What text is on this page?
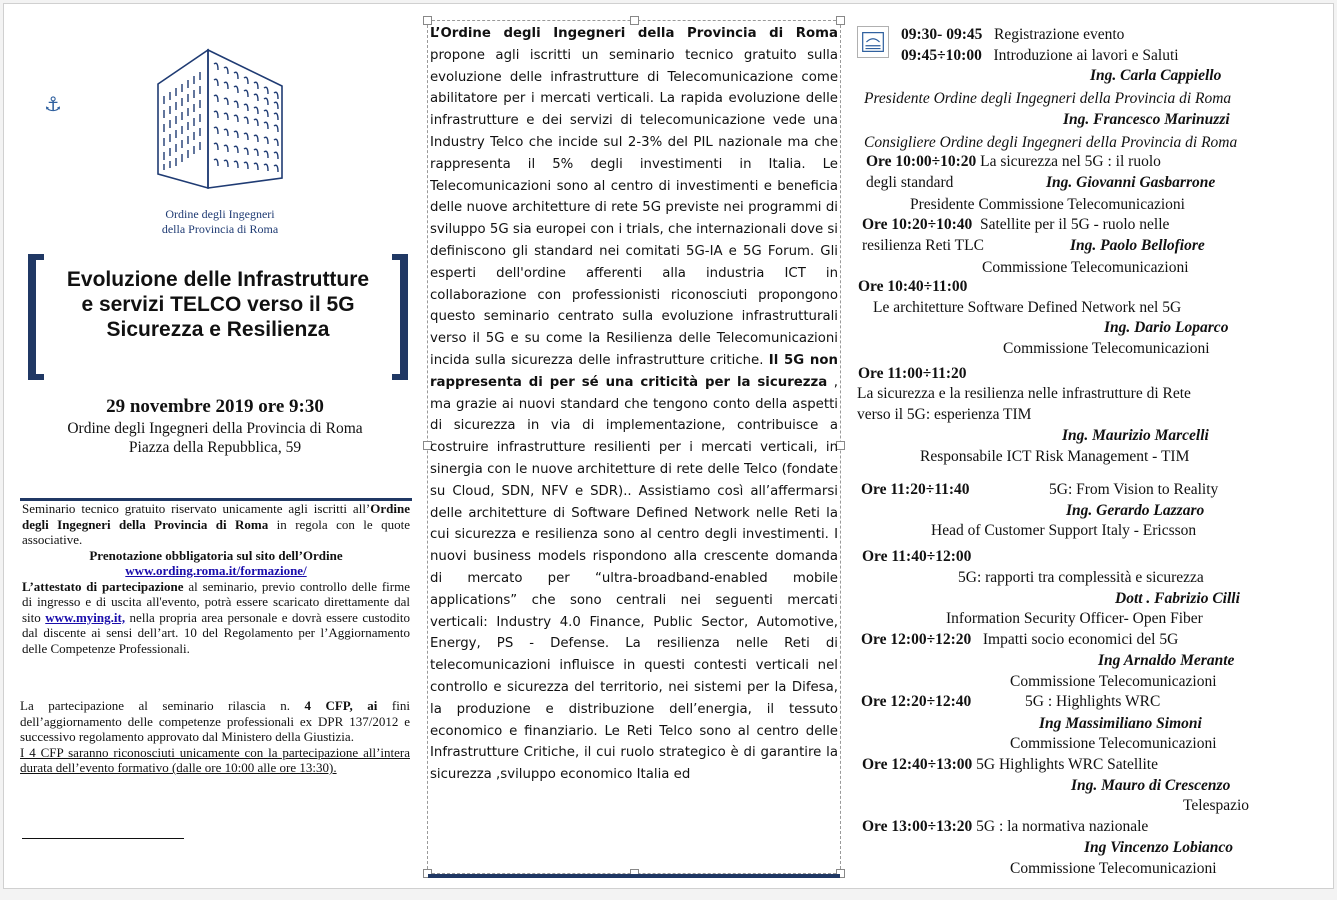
⚓
Ordine degli Ingegneri
della Provincia di Roma
Evoluzione delle Infrastrutture
e servizi TELCO verso il 5G
Sicurezza e Resilienza
29 novembre 2019 ore 9:30
Ordine degli Ingegneri della Provincia di Roma
Piazza della Repubblica, 59

Seminario tecnico gratuito riservato unicamente agli iscritti all’Ordine degli Ingegneri della Provincia di Roma in regola con le quote associative.

Prenotazione obbligatoria sul sito dell’Ordine

www.ording.roma.it/formazione/

L’attestato di partecipazione al seminario, previo controllo delle firme di ingresso e di uscita all'evento, potrà essere scaricato direttamente dal sito www.mying.it, nella propria area personale e dovrà essere custodito dal discente ai sensi dell’art. 10 del Regolamento per l’Aggiornamento delle Competenze Professionali.

La partecipazione al seminario rilascia n. 4 CFP, ai fini dell’aggiornamento delle competenze professionali ex DPR 137/2012 e successivo regolamento approvato dal Ministero della Giustizia.

I 4 CFP saranno riconosciuti unicamente con la partecipazione all’intera durata dell’evento formativo (dalle ore 10:00 alle ore 13:30).

L’Ordine degli Ingegneri della Provincia di Roma propone agli iscritti un seminario tecnico gratuito sulla evoluzione delle infrastrutture di Telecomunicazione come abilitatore per i mercati verticali. La rapida evoluzione delle infrastrutture e dei servizi di telecomunicazione vede una Industry Telco che incide sul 2-3% del PIL nazionale ma che rappresenta il 5% degli investimenti in Italia. Le Telecomunicazioni sono al centro di investimenti e beneficia delle nuove architetture di rete 5G previste nei programmi di sviluppo 5G sia europei con i trials, che internazionali dove si definiscono gli standard nei comitati 5G-IA e 5G Forum. Gli esperti dell'ordine afferenti alla industria ICT in collaborazione con professionisti riconosciuti propongono questo seminario centrato sulla evoluzione infrastrutturali verso il 5G e su come la Resilienza delle Telecomunicazioni incida sulla sicurezza delle infrastrutture critiche. Il 5G non rappresenta di per sé una criticità per la sicurezza , ma grazie ai nuovi standard che tengono conto della aspetti di sicurezza in via di implementazione, contribuisce a costruire infrastrutture resilienti per i mercati verticali, in sinergia con le nuove architetture di rete delle Telco (fondate su Cloud, SDN, NFV e SDR).. Assistiamo così all’affermarsi delle architetture di Software Defined Network nelle Reti la cui sicurezza e resilienza sono al centro degli investimenti. I nuovi business models rispondono alla crescente domanda di mercato per “ultra-broadband-enabled mobile applications” che sono centrali nei seguenti mercati verticali: Industry 4.0 Finance, Public Sector, Automotive, Energy, PS - Defense. La resilienza nelle Reti di telecomunicazioni influisce in questi contesti verticali nel controllo e sicurezza del territorio, nei sistemi per la Difesa, la produzione e distribuzione dell’energia, il tessuto economico e finanziario. Le Reti Telco sono al centro delle Infrastrutture Critiche, il cui ruolo strategico è di garantire la sicurezza ,sviluppo economico Italia ed
09:30- 09:45 Registrazione evento
09:45÷10:00 Introduzione ai lavori e Saluti
Ing. Carla Cappiello
Presidente Ordine degli Ingegneri della Provincia di Roma
Ing. Francesco Marinuzzi
Consigliere Ordine degli Ingegneri della Provincia di Roma
Ore 10:00÷10:20 La sicurezza nel 5G : il ruolo
degli standard	Ing. Giovanni Gasbarrone
Presidente Commissione Telecomunicazioni
Ore 10:20÷10:40 Satellite per il 5G - ruolo nelle
resilienza Reti TLC	Ing. Paolo Bellofiore
Commissione Telecomunicazioni
Ore 10:40÷11:00
Le architetture Software Defined Network nel 5G
Ing. Dario Loparco
Commissione Telecomunicazioni
Ore 11:00÷11:20
La sicurezza e la resilienza nelle infrastrutture di Rete
verso il 5G: esperienza TIM
Ing. Maurizio Marcelli
Responsabile ICT Risk Management - TIM
Ore 11:20÷11:40	5G: From Vision to Reality
Ing. Gerardo Lazzaro
Head of Customer Support Italy - Ericsson
Ore 11:40÷12:00
5G: rapporti tra complessità e sicurezza
Dott . Fabrizio Cilli
Information Security Officer- Open Fiber
Ore 12:00÷12:20 Impatti socio economici del 5G
Ing Arnaldo Merante
Commissione Telecomunicazioni
Ore 12:20÷12:40	5G : Highlights WRC
Ing Massimiliano Simoni
Commissione Telecomunicazioni
Ore 12:40÷13:00 5G Highlights WRC Satellite
Ing. Mauro di Crescenzo
Telespazio
Ore 13:00÷13:20 5G : la normativa nazionale
Ing Vincenzo Lobianco
Commissione Telecomunicazioni
